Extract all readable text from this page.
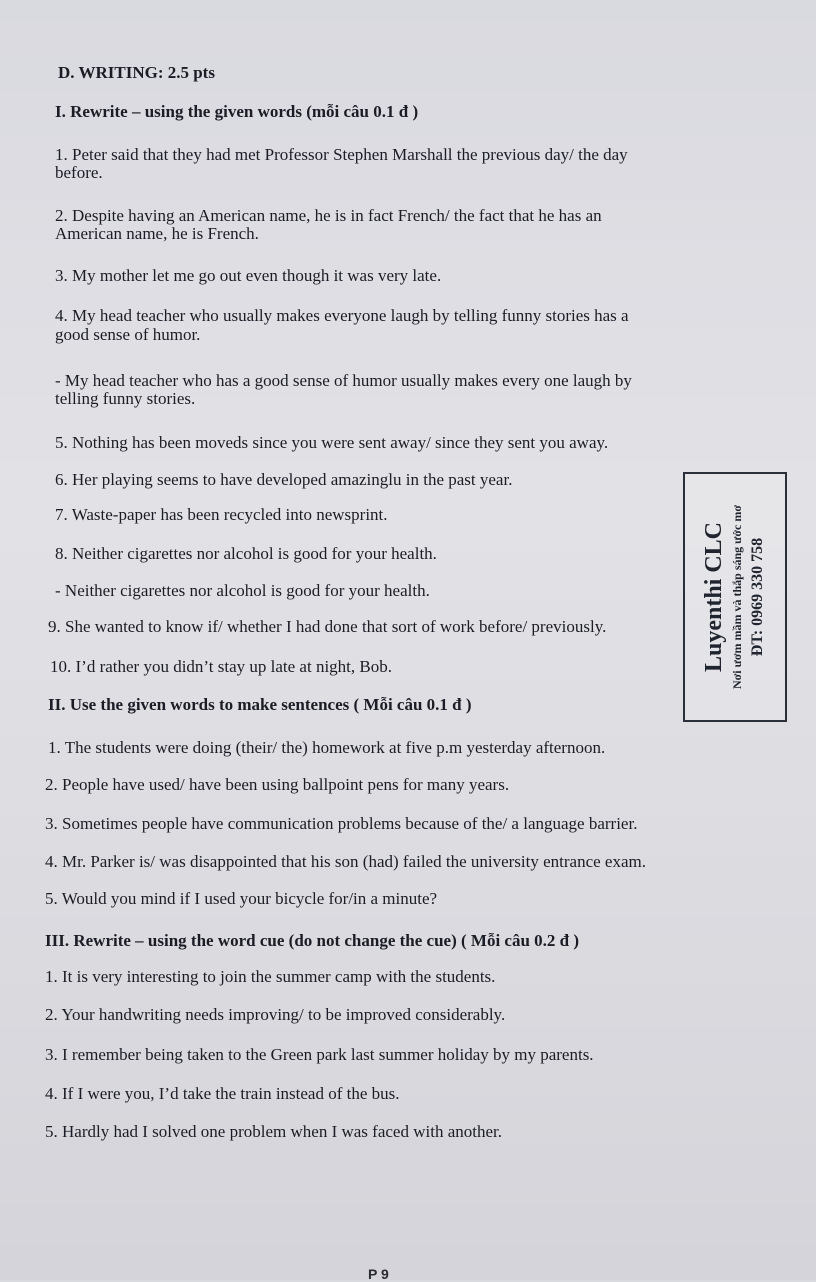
D. WRITING: 2.5 pts
I. Rewrite – using the given words (mỗi câu 0.1 đ )
1. Peter said that they had met Professor Stephen Marshall the previous day/ the day
before.
2. Despite having an American name, he is in fact French/ the fact that he has an
American name, he is French.
3. My mother let me go out even though it was very late.
4. My head teacher who usually makes everyone laugh by telling funny stories has a
good sense of humor.
- My head teacher who has a good sense of humor usually makes every one laugh by
telling funny stories.
5. Nothing has been moveds since you were sent away/ since they sent you away.
6. Her playing seems to have developed amazinglu in the past year.
7. Waste-paper has been recycled into newsprint.
8. Neither cigarettes nor alcohol is good for your health.
- Neither cigarettes nor alcohol is good for your health.
9. She wanted to know if/ whether I had done that sort of work before/ previously.
10. I’d rather you didn’t stay up late at night, Bob.
II. Use the given words to make sentences ( Mỗi câu 0.1 đ )
1. The students were doing (their/ the) homework at five p.m yesterday afternoon.
2. People have used/ have been using ballpoint pens for many years.
3. Sometimes people have communication problems because of the/ a language barrier.
4. Mr. Parker is/ was disappointed that his son (had) failed the university entrance exam.
5. Would you mind if I used your bicycle for/in a minute?
III. Rewrite – using the word cue (do not change the cue) ( Mỗi câu 0.2 đ )
1. It is very interesting to join the summer camp with the students.
2. Your handwriting needs improving/ to be improved considerably.
3. I remember being taken to the Green park last summer holiday by my parents.
4. If I were you, I’d take the train instead of the bus.
5. Hardly had I solved one problem when I was faced with another.
Luyenthi CLC Nơi ươm mầm và thắp sáng ước mơ ĐT: 0969 330 758
P 9
